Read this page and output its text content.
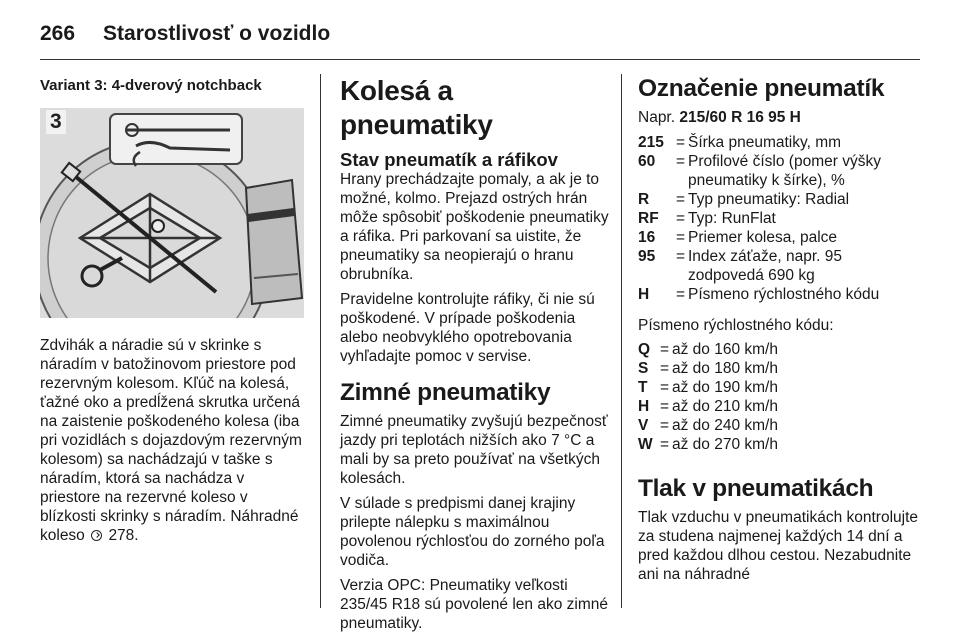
266 Starostlivosť o vozidlo
Variant 3: 4-dverový notchback
3
Zdvihák a náradie sú v skrinke s náradím v batožinovom priestore pod rezervným kolesom. Kľúč na kolesá, ťažné oko a predĺžená skrutka určená na zaistenie poškodeného kolesa (iba pri vozidlách s dojazdovým rezervným kolesom) sa nachádzajú v taške s náradím, ktorá sa nachádza v priestore na rezervné koleso v blízkosti skrinky s náradím. Náhradné koleso 278.
Kolesá a pneumatiky
Stav pneumatík a ráfikov

Hrany prechádzajte pomaly, a ak je to možné, kolmo. Prejazd ostrých hrán môže spôsobiť poškodenie pneumatiky a ráfika. Pri parkovaní sa uistite, že pneumatiky sa neopierajú o hranu obrubníka.

Pravidelne kontrolujte ráfiky, či nie sú poškodené. V prípade poškodenia alebo neobvyklého opotrebovania vyhľadajte pomoc v servise.

Zimné pneumatiky

Zimné pneumatiky zvyšujú bezpečnosť jazdy pri teplotách nižších ako 7 °C a mali by sa preto používať na všetkých kolesách.

V súlade s predpismi danej krajiny prilepte nálepku s maximálnou povolenou rýchlosťou do zorného poľa vodiča.

Verzia OPC: Pneumatiky veľkosti 235/45 R18 sú povolené len ako zimné pneumatiky.

Označenie pneumatík
Napr. 215/60 R 16 95 H
215	=	Šírka pneumatiky, mm
60	=	Profilové číslo (pomer výšky pneumatiky k šírke), %
R	=	Typ pneumatiky: Radial
RF	=	Typ: RunFlat
16	=	Priemer kolesa, palce
95	=	Index záťaže, napr. 95 zodpovedá 690 kg
H	=	Písmeno rýchlostného kódu
Písmeno rýchlostného kódu:
Q	=	až do 160 km/h
S	=	až do 180 km/h
T	=	až do 190 km/h
H	=	až do 210 km/h
V	=	až do 240 km/h
W	=	až do 270 km/h
Tlak v pneumatikách

Tlak vzduchu v pneumatikách kontrolujte za studena najmenej každých 14 dní a pred každou dlhou cestou. Nezabudnite ani na náhradné
